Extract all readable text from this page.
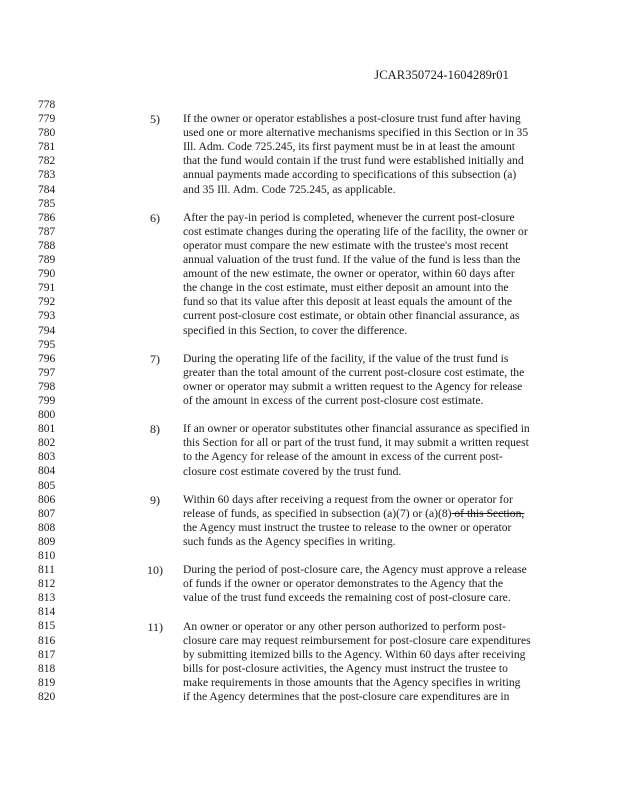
JCAR350724-1604289r01
778
779
780
781
782
783
784
785
786
787
788
789
790
791
792
793
794
795
796
797
798
799
800
801
802
803
804
805
806
807
808
809
810
811
812
813
814
815
816
817
818
819
820
5) If the owner or operator establishes a post-closure trust fund after having
used one or more alternative mechanisms specified in this Section or in 35
Ill. Adm. Code 725.245, its first payment must be in at least the amount
that the fund would contain if the trust fund were established initially and
annual payments made according to specifications of this subsection (a)
and 35 Ill. Adm. Code 725.245, as applicable.
6) After the pay-in period is completed, whenever the current post-closure
cost estimate changes during the operating life of the facility, the owner or
operator must compare the new estimate with the trustee's most recent
annual valuation of the trust fund. If the value of the fund is less than the
amount of the new estimate, the owner or operator, within 60 days after
the change in the cost estimate, must either deposit an amount into the
fund so that its value after this deposit at least equals the amount of the
current post-closure cost estimate, or obtain other financial assurance, as
specified in this Section, to cover the difference.
7) During the operating life of the facility, if the value of the trust fund is
greater than the total amount of the current post-closure cost estimate, the
owner or operator may submit a written request to the Agency for release
of the amount in excess of the current post-closure cost estimate.
8) If an owner or operator substitutes other financial assurance as specified in
this Section for all or part of the trust fund, it may submit a written request
to the Agency for release of the amount in excess of the current post-
closure cost estimate covered by the trust fund.
9) Within 60 days after receiving a request from the owner or operator for
release of funds, as specified in subsection (a)(7) or (a)(8) of this Section,
the Agency must instruct the trustee to release to the owner or operator
such funds as the Agency specifies in writing.
10) During the period of post-closure care, the Agency must approve a release
of funds if the owner or operator demonstrates to the Agency that the
value of the trust fund exceeds the remaining cost of post-closure care.
11) An owner or operator or any other person authorized to perform post-
closure care may request reimbursement for post-closure care expenditures
by submitting itemized bills to the Agency. Within 60 days after receiving
bills for post-closure activities, the Agency must instruct the trustee to
make requirements in those amounts that the Agency specifies in writing
if the Agency determines that the post-closure care expenditures are in
